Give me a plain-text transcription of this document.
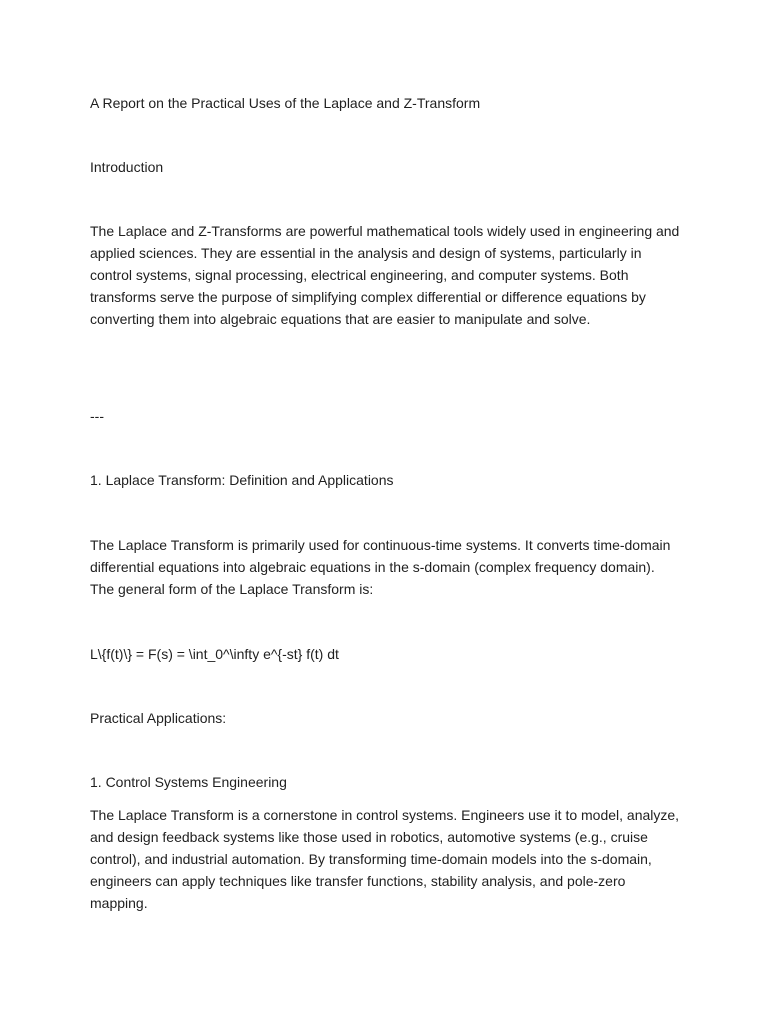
A Report on the Practical Uses of the Laplace and Z-Transform
Introduction
The Laplace and Z-Transforms are powerful mathematical tools widely used in engineering and applied sciences. They are essential in the analysis and design of systems, particularly in control systems, signal processing, electrical engineering, and computer systems. Both transforms serve the purpose of simplifying complex differential or difference equations by converting them into algebraic equations that are easier to manipulate and solve.
---
1. Laplace Transform: Definition and Applications
The Laplace Transform is primarily used for continuous-time systems. It converts time-domain differential equations into algebraic equations in the s-domain (complex frequency domain). The general form of the Laplace Transform is:
L\{f(t)\} = F(s) = \int_0^\infty e^{-st} f(t) dt
Practical Applications:
1. Control Systems Engineering
The Laplace Transform is a cornerstone in control systems. Engineers use it to model, analyze, and design feedback systems like those used in robotics, automotive systems (e.g., cruise control), and industrial automation. By transforming time-domain models into the s-domain, engineers can apply techniques like transfer functions, stability analysis, and pole-zero mapping.
